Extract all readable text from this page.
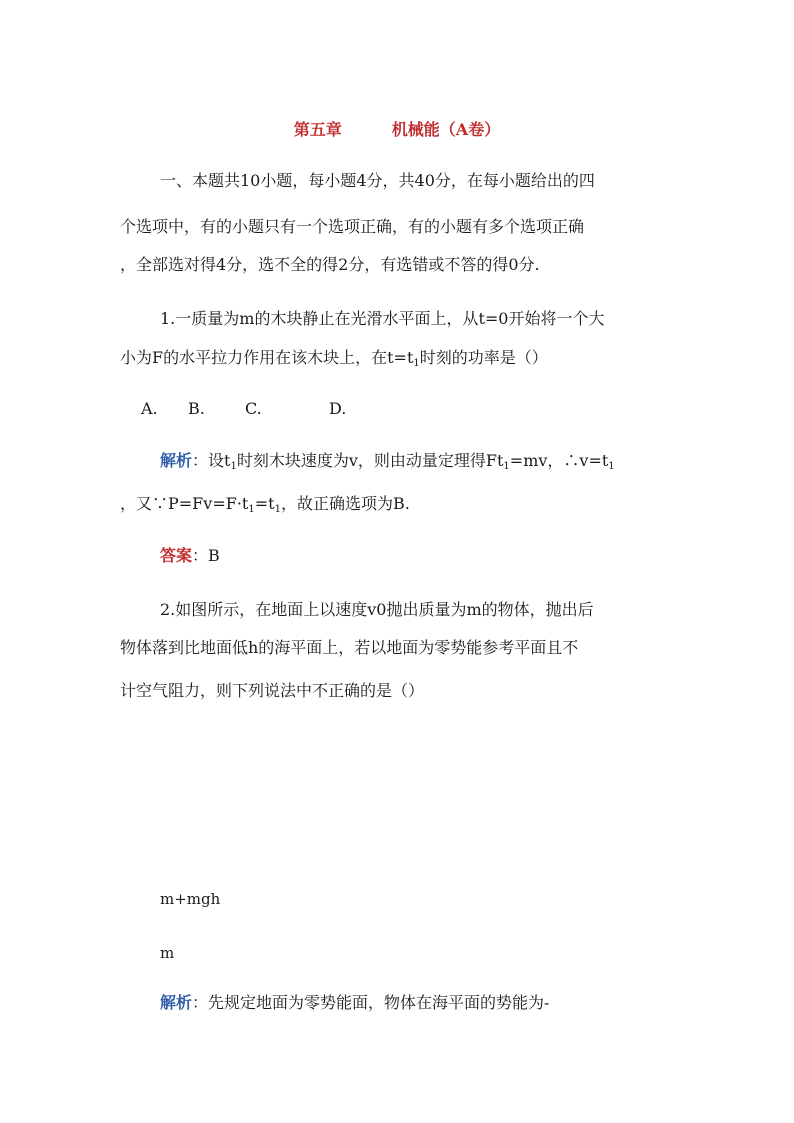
第五章	机械能（A卷）
一、本题共10小题，每小题4分，共40分，在每小题给出的四
个选项中，有的小题只有一个选项正确，有的小题有多个选项正确
，全部选对得4分，选不全的得2分，有选错或不答的得0分.
1.一质量为m的木块静止在光滑水平面上，从t=0开始将一个大
小为F的水平拉力作用在该木块上，在$t=t_1$时刻的功率是（）
A. B.	C.	D.
解析：设$t_1$时刻木块速度为v，则由动量定理得$Ft_1=mv$，$\therefore v=t_1$
，又$\because P=Fv=F\cdot t_1=t_1$，故正确选项为B.
答案：B
2.如图所示，在地面上以速度v0抛出质量为m的物体，抛出后
物体落到比地面低h的海平面上，若以地面为零势能参考平面且不
计空气阻力，则下列说法中不正确的是（）
m+mgh
m
解析：先规定地面为零势能面，物体在海平面的势能为-
